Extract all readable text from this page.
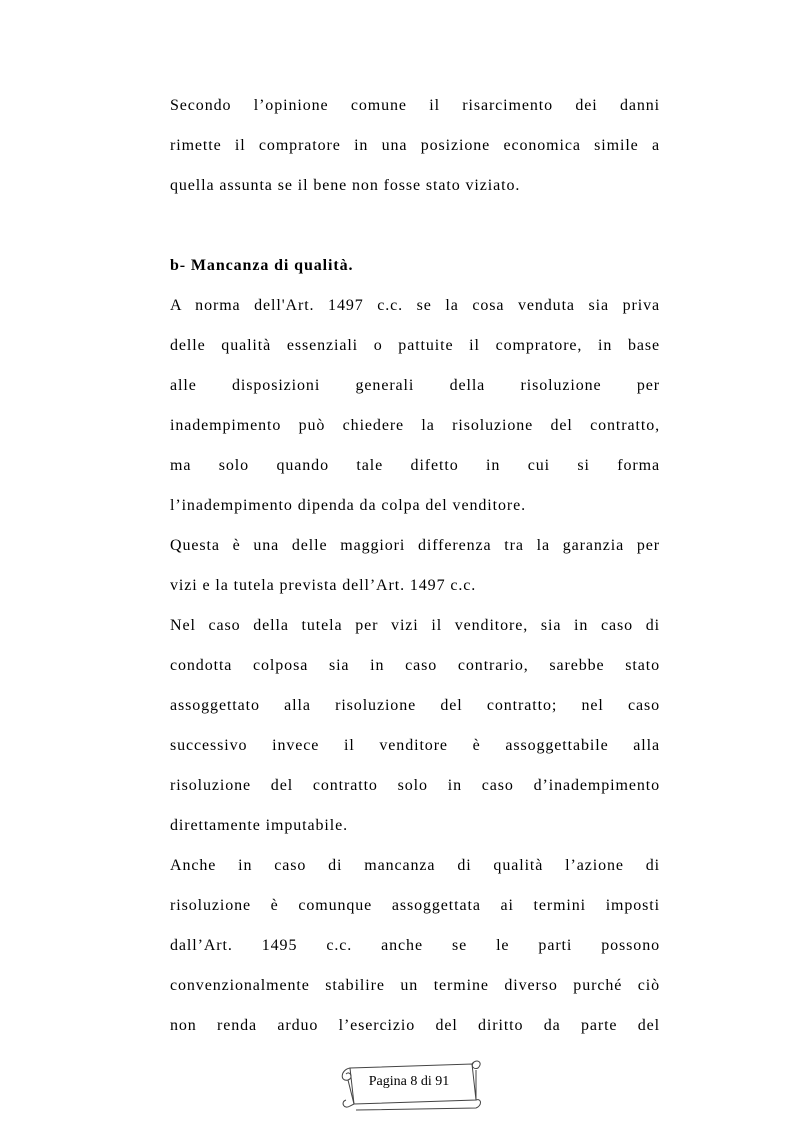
Secondo l’opinione comune il risarcimento dei danni
rimette il compratore in una posizione economica simile a
quella assunta se il bene non fosse stato viziato.
b- Mancanza di qualità.
A norma dell'Art. 1497 c.c. se la cosa venduta sia priva
delle qualità essenziali o pattuite il compratore, in base
alle disposizioni generali della risoluzione per
inadempimento può chiedere la risoluzione del contratto,
ma solo quando tale difetto in cui si forma
l’inadempimento dipenda da colpa del venditore.
Questa è una delle maggiori differenza tra la garanzia per
vizi e la tutela prevista dell’Art. 1497 c.c.
Nel caso della tutela per vizi il venditore, sia in caso di
condotta colposa sia in caso contrario, sarebbe stato
assoggettato alla risoluzione del contratto; nel caso
successivo invece il venditore è assoggettabile alla
risoluzione del contratto solo in caso d’inadempimento
direttamente imputabile.
Anche in caso di mancanza di qualità l’azione di
risoluzione è comunque assoggettata ai termini imposti
dall’Art. 1495 c.c. anche se le parti possono
convenzionalmente stabilire un termine diverso purché ciò
non renda arduo l’esercizio del diritto da parte del
Pagina 8 di 91
